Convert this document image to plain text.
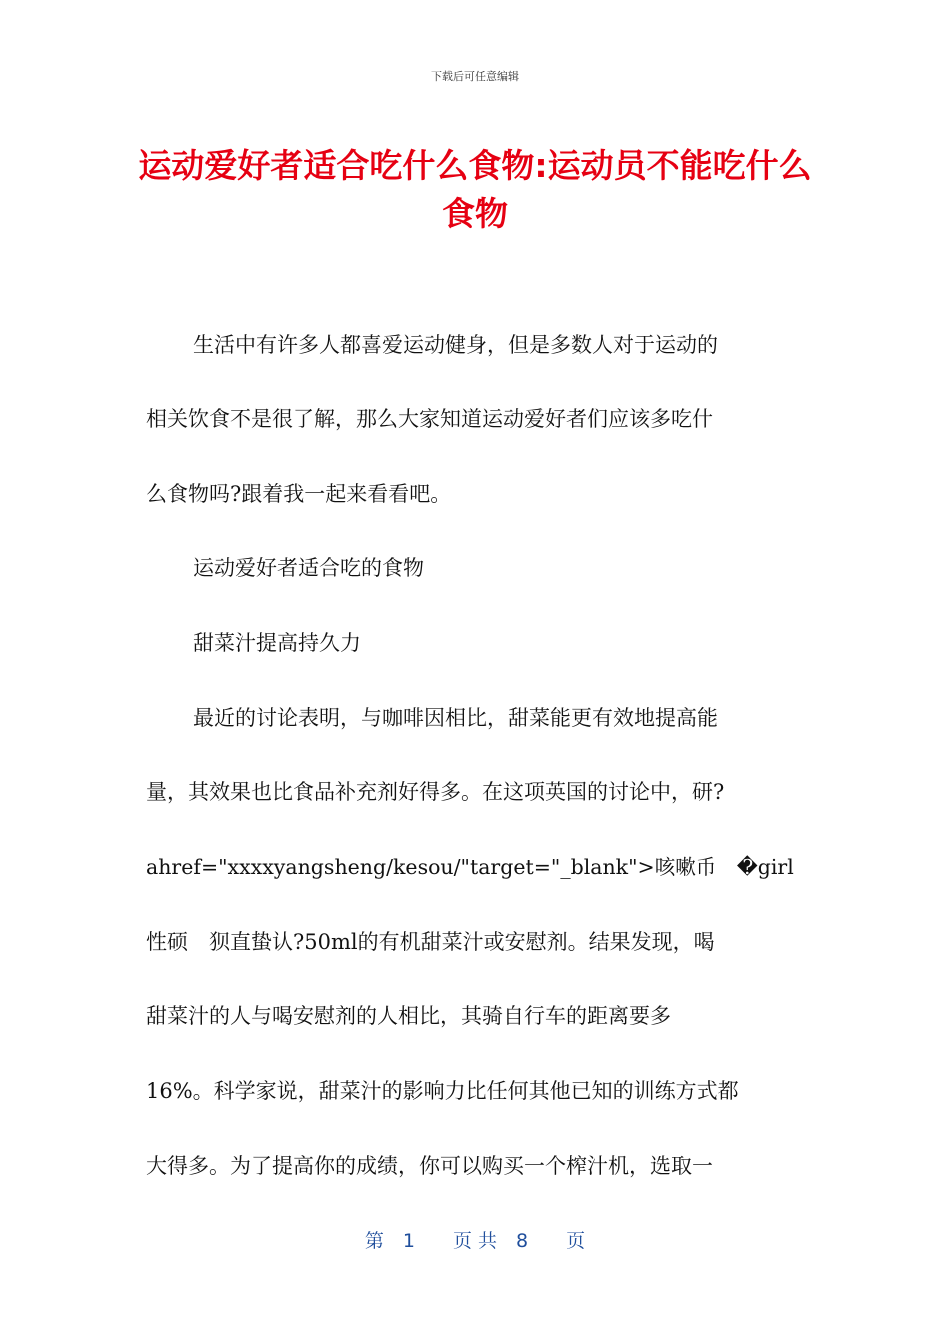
下载后可任意编辑
运动爱好者适合吃什么食物:运动员不能吃什么食物
生活中有许多人都喜爱运动健身，但是多数人对于运动的
相关饮食不是很了解，那么大家知道运动爱好者们应该多吃什
么食物吗?跟着我一起来看看吧。
运动爱好者适合吃的食物
甜菜汁提高持久力
最近的讨论表明，与咖啡因相比，甜菜能更有效地提高能
量，其效果也比食品补充剂好得多。在这项英国的讨论中，研?
ahref="xxxxyangsheng/kesou/"target="_blank">咳嗽币　�girl
性硕　狈直蛰认?50ml的有机甜菜汁或安慰剂。结果发现，喝
甜菜汁的人与喝安慰剂的人相比，其骑自行车的距离要多
16%。科学家说，甜菜汁的影响力比任何其他已知的训练方式都
大得多。为了提高你的成绩，你可以购买一个榨汁机，选取一
第　1　　页 共　8　　页
